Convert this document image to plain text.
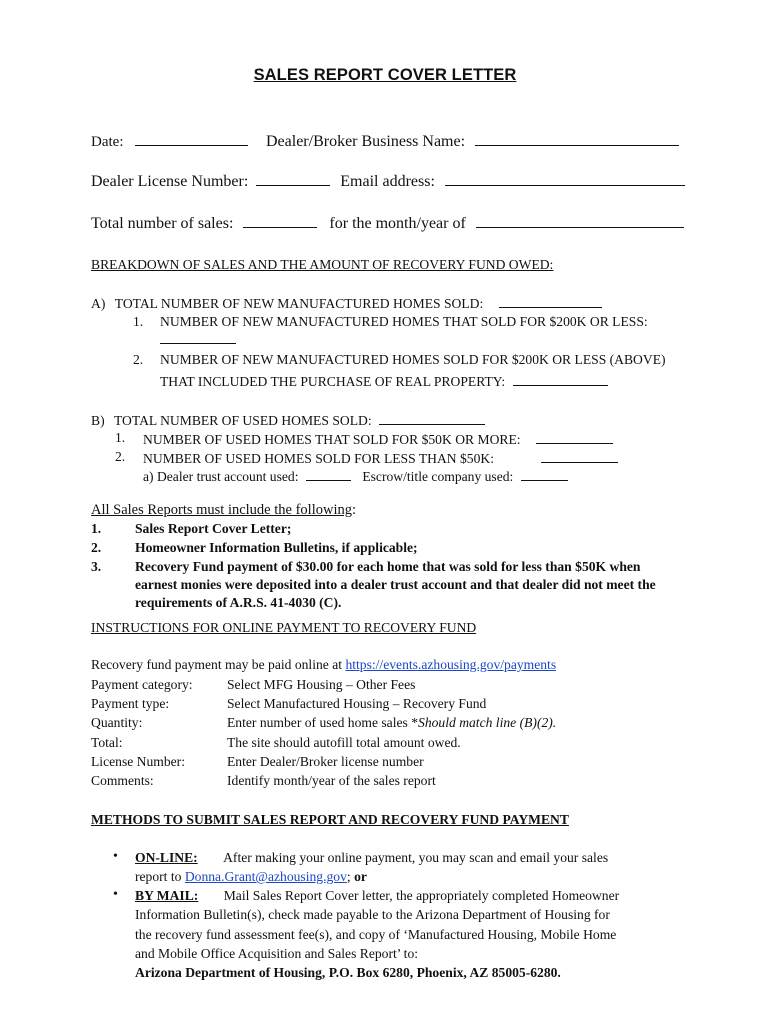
SALES REPORT COVER LETTER
Date:	Dealer/Broker Business Name:
Dealer License Number:	Email address:
Total number of sales:	for the month/year of
BREAKDOWN OF SALES AND THE AMOUNT OF RECOVERY FUND OWED:
A) TOTAL NUMBER OF NEW MANUFACTURED HOMES SOLD:
1. NUMBER OF NEW MANUFACTURED HOMES THAT SOLD FOR $200K OR LESS:
2. NUMBER OF NEW MANUFACTURED HOMES SOLD FOR $200K OR LESS (ABOVE)
THAT INCLUDED THE PURCHASE OF REAL PROPERTY:
B) TOTAL NUMBER OF USED HOMES SOLD:
1. NUMBER OF USED HOMES THAT SOLD FOR $50K OR MORE:
2. NUMBER OF USED HOMES SOLD FOR LESS THAN $50K:
a) Dealer trust account used:	Escrow/title company used:
All Sales Reports must include the following:
1. Sales Report Cover Letter;
2. Homeowner Information Bulletins, if applicable;
3. Recovery Fund payment of $30.00 for each home that was sold for less than $50K when
earnest monies were deposited into a dealer trust account and that dealer did not meet the
requirements of A.R.S. 41-4030 (C).
INSTRUCTIONS FOR ONLINE PAYMENT TO RECOVERY FUND
Recovery fund payment may be paid online at https://events.azhousing.gov/payments
Payment category:	Select MFG Housing – Other Fees
Payment type:	Select Manufactured Housing – Recovery Fund
Quantity:	Enter number of used home sales *Should match line (B)(2).
Total:	The site should autofill total amount owed.
License Number:	Enter Dealer/Broker license number
Comments:	Identify month/year of the sales report
METHODS TO SUBMIT SALES REPORT AND RECOVERY FUND PAYMENT
• ON-LINE: After making your online payment, you may scan and email your sales
report to Donna.Grant@azhousing.gov; or
• BY MAIL: Mail Sales Report Cover letter, the appropriately completed Homeowner
Information Bulletin(s), check made payable to the Arizona Department of Housing for
the recovery fund assessment fee(s), and copy of ‘Manufactured Housing, Mobile Home
and Mobile Office Acquisition and Sales Report’ to:
Arizona Department of Housing, P.O. Box 6280, Phoenix, AZ 85005-6280.
